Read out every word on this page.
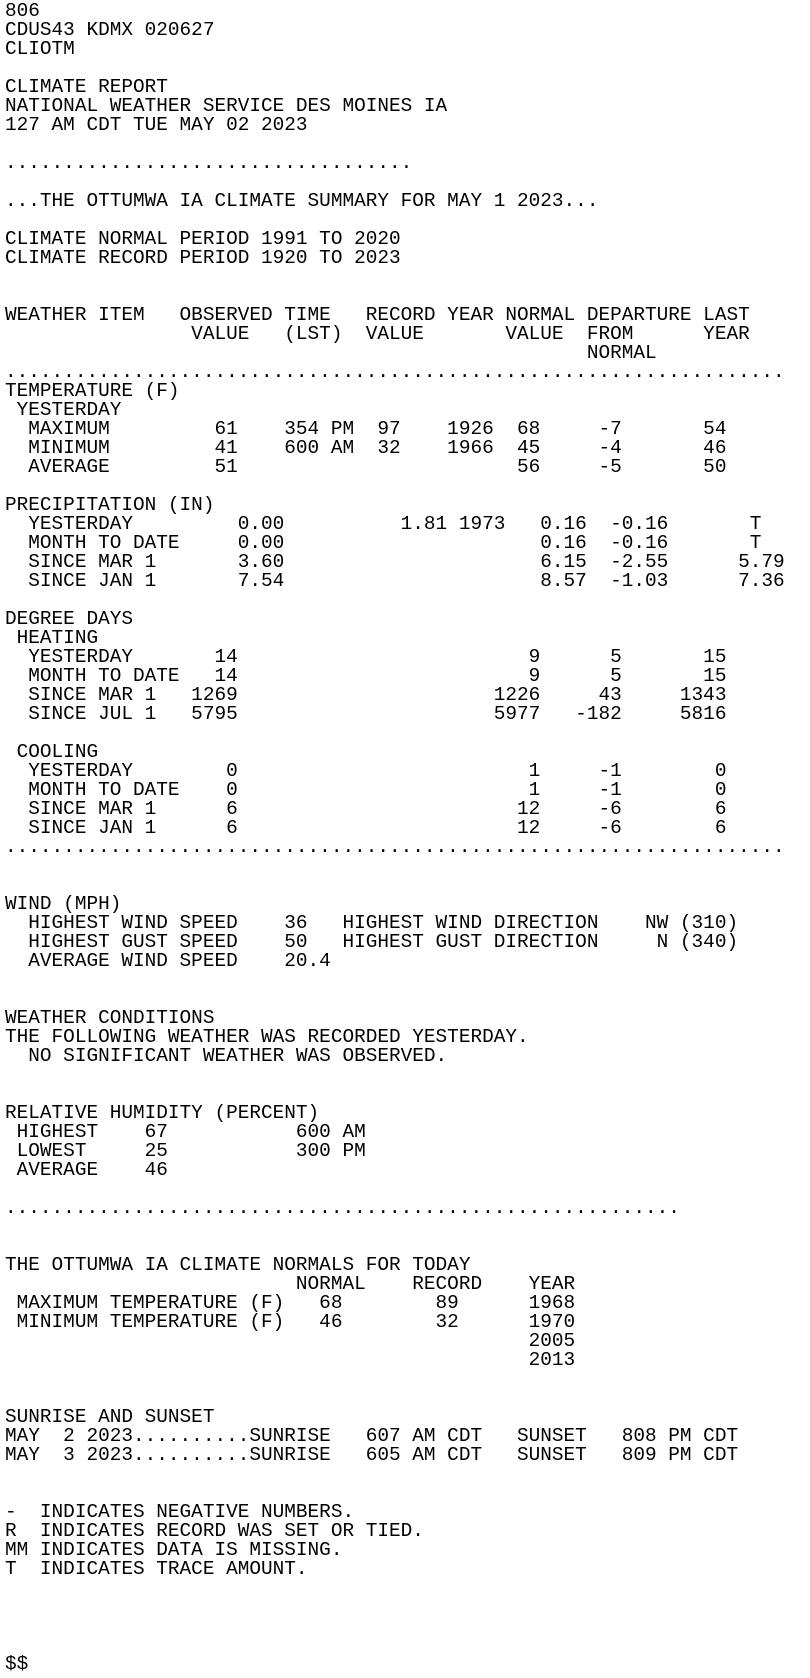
806
CDUS43 KDMX 020627
CLIOTM
CLIMATE REPORT
NATIONAL WEATHER SERVICE DES MOINES IA
127 AM CDT TUE MAY 02 2023
...................................
...THE OTTUMWA IA CLIMATE SUMMARY FOR MAY 1 2023...
CLIMATE NORMAL PERIOD 1991 TO 2020
CLIMATE RECORD PERIOD 1920 TO 2023
WEATHER ITEM   OBSERVED TIME   RECORD YEAR NORMAL DEPARTURE LAST
VALUE   (LST)  VALUE       VALUE  FROM      YEAR
NORMAL
...................................................................
TEMPERATURE (F)
YESTERDAY
MAXIMUM         61    354 PM  97    1926  68     -7       54
MINIMUM         41    600 AM  32    1966  45     -4       46
AVERAGE         51                        56     -5       50
PRECIPITATION (IN)
YESTERDAY         0.00          1.81 1973   0.16  -0.16       T
MONTH TO DATE     0.00                      0.16  -0.16       T
SINCE MAR 1       3.60                      6.15  -2.55      5.79
SINCE JAN 1       7.54                      8.57  -1.03      7.36
DEGREE DAYS
HEATING
YESTERDAY       14                         9      5       15
MONTH TO DATE   14                         9      5       15
SINCE MAR 1   1269                      1226     43     1343
SINCE JUL 1   5795                      5977   -182     5816
COOLING
YESTERDAY        0                         1     -1        0
MONTH TO DATE    0                         1     -1        0
SINCE MAR 1      6                        12     -6        6
SINCE JAN 1      6                        12     -6        6
...................................................................
WIND (MPH)
HIGHEST WIND SPEED    36   HIGHEST WIND DIRECTION    NW (310)
HIGHEST GUST SPEED    50   HIGHEST GUST DIRECTION     N (340)
AVERAGE WIND SPEED    20.4
WEATHER CONDITIONS
THE FOLLOWING WEATHER WAS RECORDED YESTERDAY.
NO SIGNIFICANT WEATHER WAS OBSERVED.
RELATIVE HUMIDITY (PERCENT)
HIGHEST    67           600 AM
LOWEST     25           300 PM
AVERAGE    46
..........................................................
THE OTTUMWA IA CLIMATE NORMALS FOR TODAY
NORMAL    RECORD    YEAR
MAXIMUM TEMPERATURE (F)   68        89      1968
MINIMUM TEMPERATURE (F)   46        32      1970
2005
2013
SUNRISE AND SUNSET
MAY  2 2023..........SUNRISE   607 AM CDT   SUNSET   808 PM CDT
MAY  3 2023..........SUNRISE   605 AM CDT   SUNSET   809 PM CDT
-  INDICATES NEGATIVE NUMBERS.
R  INDICATES RECORD WAS SET OR TIED.
MM INDICATES DATA IS MISSING.
T  INDICATES TRACE AMOUNT.
$$
